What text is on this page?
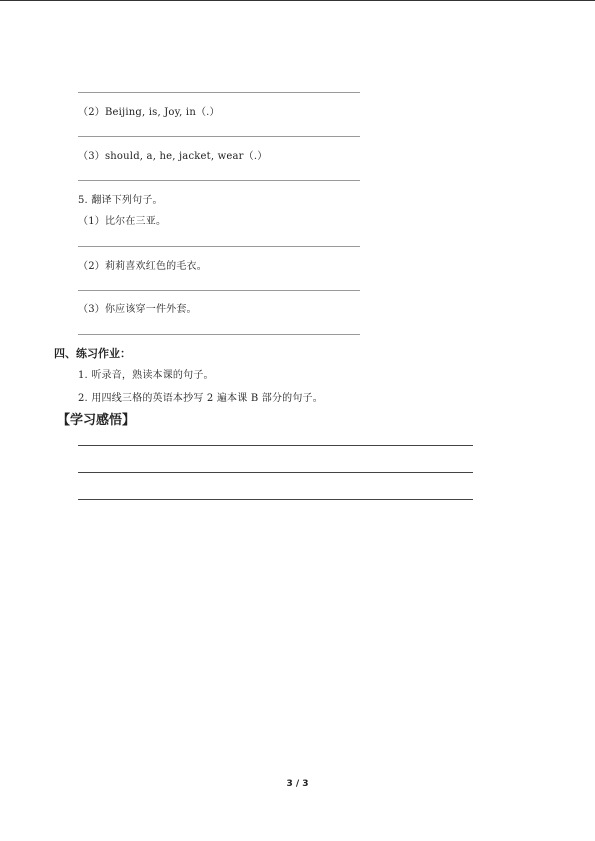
（2）Beijing, is, Joy, in（.）
（3）should, a, he, jacket, wear（.）
5. 翻译下列句子。
（1）比尔在三亚。
（2）莉莉喜欢红色的毛衣。
（3）你应该穿一件外套。
四、练习作业：
1. 听录音，熟读本课的句子。
2. 用四线三格的英语本抄写 2 遍本课 B 部分的句子。
【学习感悟】
3 / 3
